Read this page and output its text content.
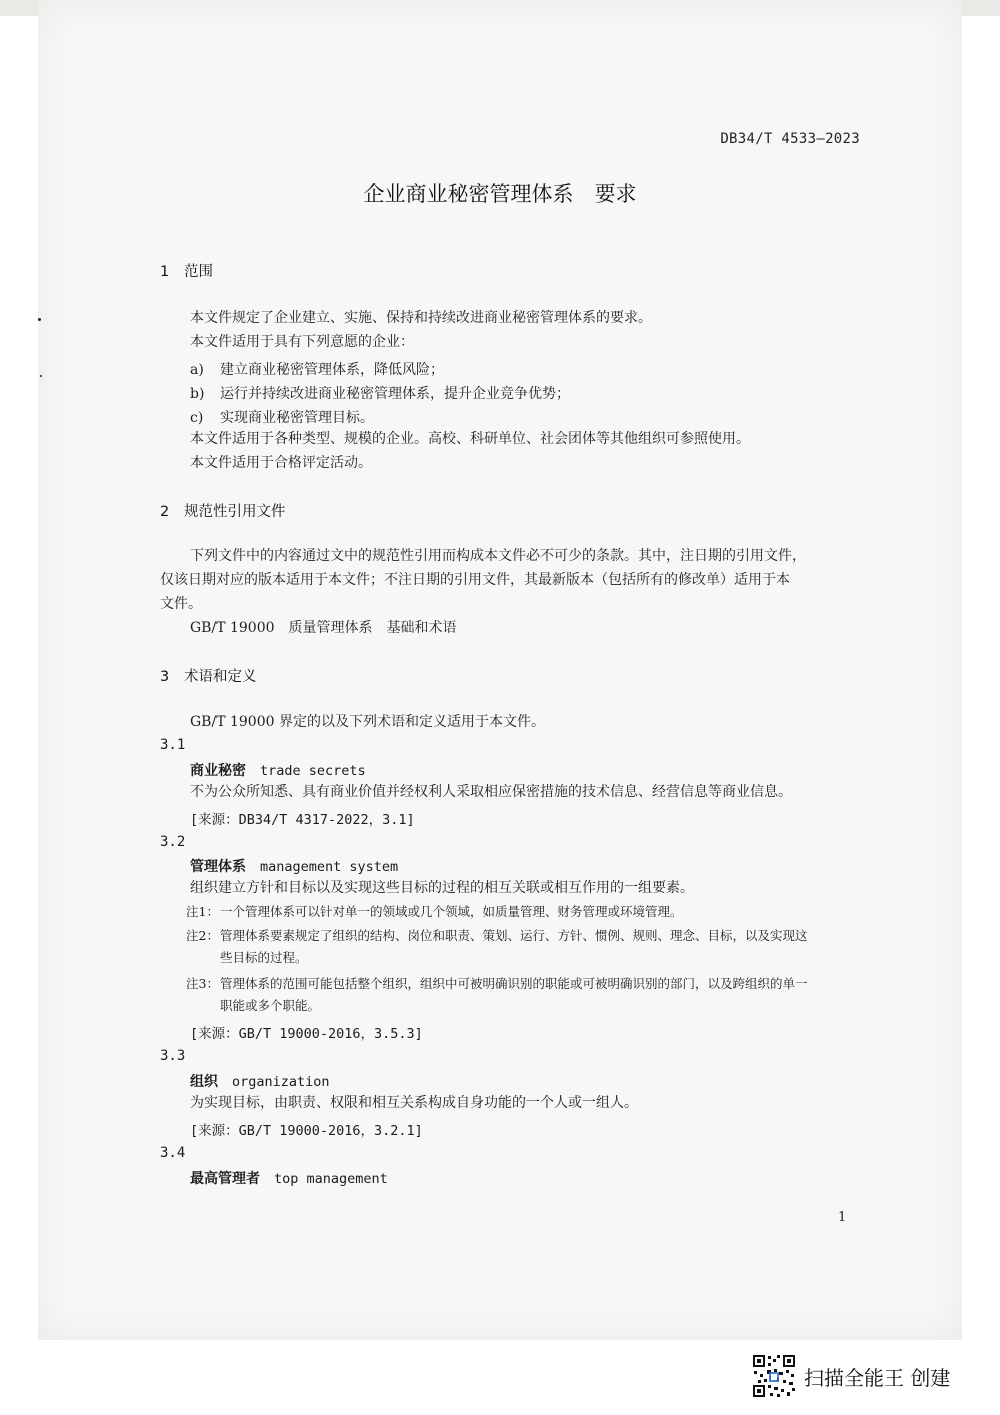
DB34/T 4533—2023
企业商业秘密管理体系　要求
1 范围
本文件规定了企业建立、实施、保持和持续改进商业秘密管理体系的要求。
本文件适用于具有下列意愿的企业：
a) 建立商业秘密管理体系，降低风险；
b) 运行并持续改进商业秘密管理体系，提升企业竞争优势；
c) 实现商业秘密管理目标。
本文件适用于各种类型、规模的企业。高校、科研单位、社会团体等其他组织可参照使用。
本文件适用于合格评定活动。
2 规范性引用文件
下列文件中的内容通过文中的规范性引用而构成本文件必不可少的条款。其中，注日期的引用文件，
仅该日期对应的版本适用于本文件；不注日期的引用文件，其最新版本（包括所有的修改单）适用于本
文件。
GB/T 19000　质量管理体系　基础和术语
3 术语和定义
GB/T 19000 界定的以及下列术语和定义适用于本文件。
3.1
商业秘密 trade secrets
不为公众所知悉、具有商业价值并经权利人采取相应保密措施的技术信息、经营信息等商业信息。
[来源：DB34/T 4317-2022，3.1]
3.2
管理体系 management system
组织建立方针和目标以及实现这些目标的过程的相互关联或相互作用的一组要素。
注1：一个管理体系可以针对单一的领域或几个领域，如质量管理、财务管理或环境管理。
注2：管理体系要素规定了组织的结构、岗位和职责、策划、运行、方针、惯例、规则、理念、目标，以及实现这
些目标的过程。
注3：管理体系的范围可能包括整个组织，组织中可被明确识别的职能或可被明确识别的部门，以及跨组织的单一
职能或多个职能。
[来源：GB/T 19000-2016，3.5.3]
3.3
组织 organization
为实现目标，由职责、权限和相互关系构成自身功能的一个人或一组人。
[来源：GB/T 19000-2016，3.2.1]
3.4
最高管理者 top management
1
扫描全能王 创建
